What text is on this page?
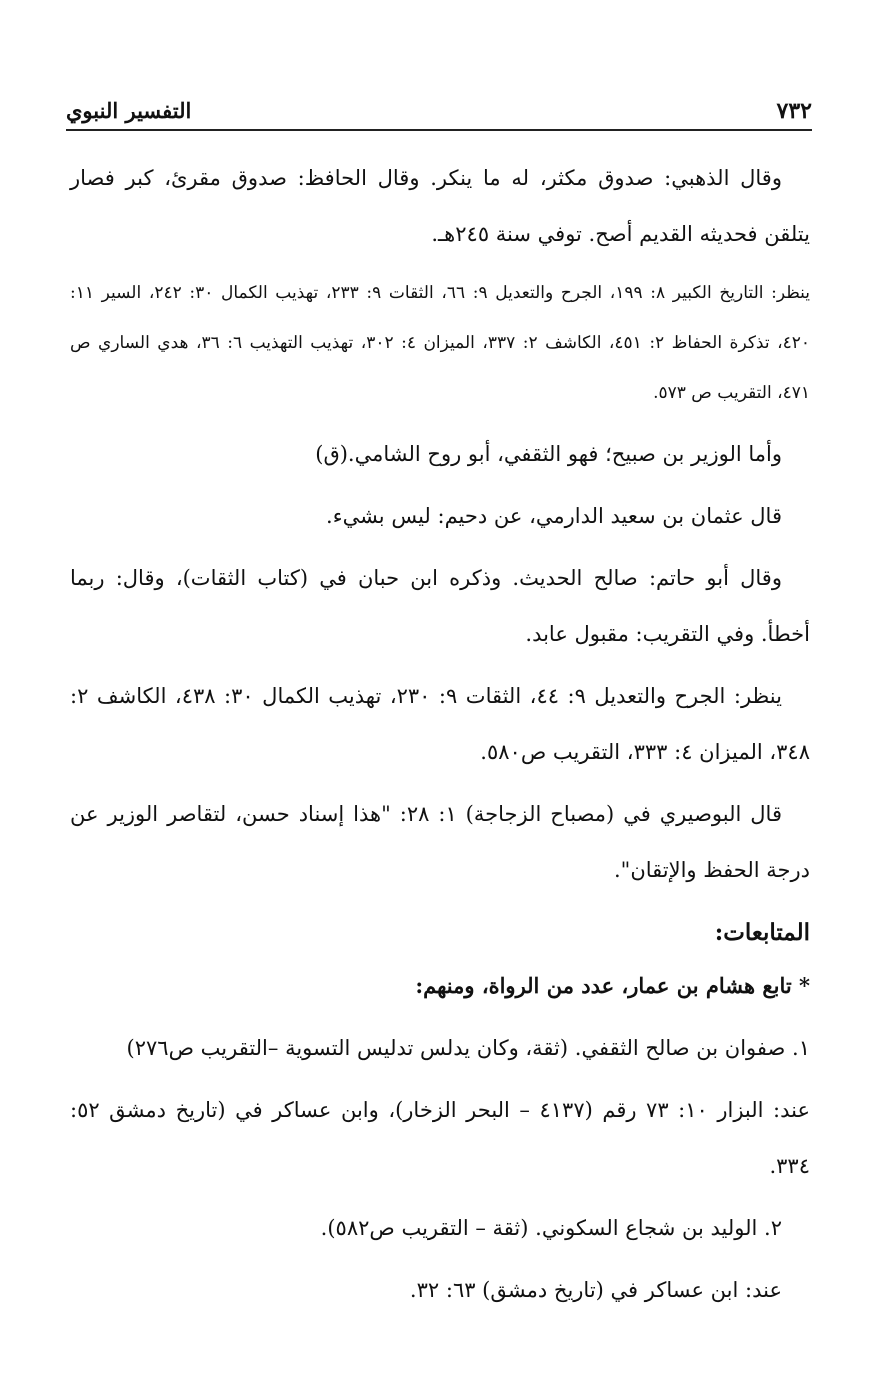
٧٣٢
التفسير النبوي

وقال الذهبي: صدوق مكثر، له ما ينكر. وقال الحافظ: صدوق مقرئ، كبر فصار يتلقن فحديثه القديم أصح. توفي سنة ٢٤٥هـ.

ينظر: التاريخ الكبير ٨: ١٩٩، الجرح والتعديل ٩: ٦٦، الثقات ٩: ٢٣٣، تهذيب الكمال ٣٠: ٢٤٢، السير ١١: ٤٢٠، تذكرة الحفاظ ٢: ٤٥١، الكاشف ٢: ٣٣٧، الميزان ٤: ٣٠٢، تهذيب التهذيب ٦: ٣٦، هدي الساري ص ٤٧١، التقريب ص ٥٧٣.

وأما الوزير بن صبيح؛ فهو الثقفي، أبو روح الشامي.(ق)

قال عثمان بن سعيد الدارمي، عن دحيم: ليس بشيء.

وقال أبو حاتم: صالح الحديث. وذكره ابن حبان في (كتاب الثقات)، وقال: ربما أخطأ. وفي التقريب: مقبول عابد.

ينظر: الجرح والتعديل ٩: ٤٤، الثقات ٩: ٢٣٠، تهذيب الكمال ٣٠: ٤٣٨، الكاشف ٢: ٣٤٨، الميزان ٤: ٣٣٣، التقريب ص٥٨٠.

قال البوصيري في (مصباح الزجاجة) ١: ٢٨: "هذا إسناد حسن، لتقاصر الوزير عن درجة الحفظ والإتقان".

المتابعات:

* تابع هشام بن عمار، عدد من الرواة، ومنهم:

١. صفوان بن صالح الثقفي. (ثقة، وكان يدلس تدليس التسوية –التقريب ص٢٧٦)

عند: البزار ١٠: ٧٣ رقم (٤١٣٧ – البحر الزخار)، وابن عساكر في (تاريخ دمشق ٥٢: ٣٣٤.

٢. الوليد بن شجاع السكوني. (ثقة – التقريب ص٥٨٢).

عند: ابن عساكر في (تاريخ دمشق) ٦٣: ٣٢.
